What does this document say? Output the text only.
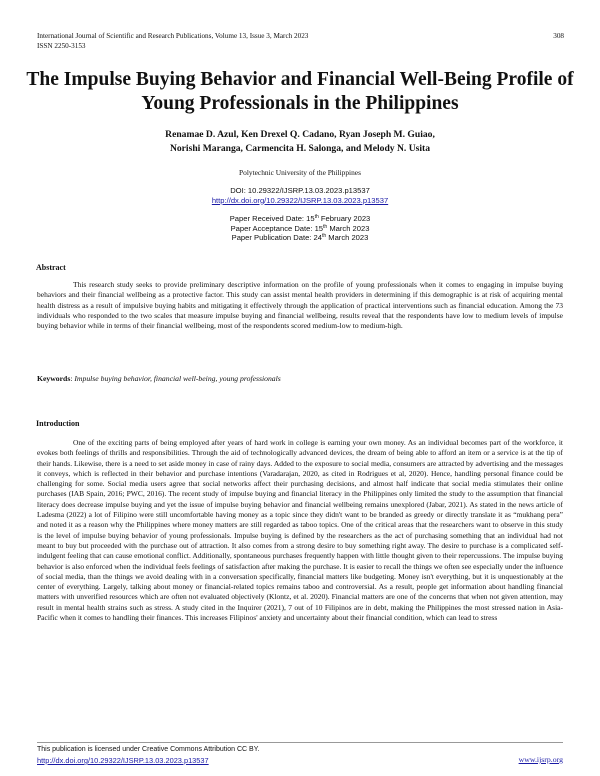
International Journal of Scientific and Research Publications, Volume 13, Issue 3, March 2023
ISSN 2250-3153
308
The Impulse Buying Behavior and Financial Well-Being Profile of Young Professionals in the Philippines
Renamae D. Azul, Ken Drexel Q. Cadano, Ryan Joseph M. Guiao,
Norishi Maranga, Carmencita H. Salonga, and Melody N. Usita
Polytechnic University of the Philippines
DOI: 10.29322/IJSRP.13.03.2023.p13537
http://dx.doi.org/10.29322/IJSRP.13.03.2023.p13537
Paper Received Date: 15th February 2023
Paper Acceptance Date: 15th March 2023
Paper Publication Date: 24th March 2023
Abstract

This research study seeks to provide preliminary descriptive information on the profile of young professionals when it comes to engaging in impulse buying behaviors and their financial wellbeing as a protective factor. This study can assist mental health providers in determining if this demographic is at risk of acquiring mental health distress as a result of impulsive buying habits and mitigating it effectively through the application of practical interventions such as financial education. Among the 73 individuals who responded to the two scales that measure impulse buying and financial wellbeing, results reveal that the respondents have low to medium levels of impulse buying behavior while in terms of their financial wellbeing, most of the respondents scored medium-low to medium-high.

Keywords: Impulse buying behavior, financial well-being, young professionals
Introduction

One of the exciting parts of being employed after years of hard work in college is earning your own money. As an individual becomes part of the workforce, it evokes both feelings of thrills and responsibilities. Through the aid of technologically advanced devices, the dream of being able to afford an item or a service is at the tip of their hands. Likewise, there is a need to set aside money in case of rainy days. Added to the exposure to social media, consumers are attracted by advertising and the messages it conveys, which is reflected in their behavior and purchase intentions (Varadarajan, 2020, as cited in Rodrigues et al, 2020). Hence, handling personal finance could be challenging for some. Social media users agree that social networks affect their purchasing decisions, and almost half indicate that social media stimulates their online purchases (IAB Spain, 2016; PWC, 2016). The recent study of impulse buying and financial literacy in the Philippines only limited the study to the assumption that financial literacy does decrease impulse buying and yet the issue of impulse buying behavior and financial wellbeing remains unexplored (Jabar, 2021). As stated in the news article of Ladesma (2022) a lot of Filipino were still uncomfortable having money as a topic since they didn't want to be branded as greedy or directly translate it as “mukhang pera” and noted it as a reason why the Philippines where money matters are still regarded as taboo topics. One of the critical areas that the researchers want to observe in this study is the level of impulse buying behavior of young professionals. Impulse buying is defined by the researchers as the act of purchasing something that an individual had not meant to buy but proceeded with the purchase out of attraction. It also comes from a strong desire to buy something right away. The desire to purchase is a complicated self-indulgent feeling that can cause emotional conflict. Additionally, spontaneous purchases frequently happen with little thought given to their repercussions. The impulse buying behavior is also enforced when the individual feels feelings of satisfaction after making the purchase. It is easier to recall the things we often see especially under the influence of social media, than the things we avoid dealing with in a conversation specifically, financial matters like budgeting. Money isn't everything, but it is unquestionably at the center of everything. Largely, talking about money or financial-related topics remains taboo and controversial. As a result, people get information about handling financial matters with unverified resources which are often not evaluated objectively (Klontz, et al. 2020). Financial matters are one of the concerns that when not given attention, may result in mental health strains such as stress. A study cited in the Inquirer (2021), 7 out of 10 Filipinos are in debt, making the Philippines the most stressed nation in Asia-Pacific when it comes to handling their finances. This increases Filipinos' anxiety and uncertainty about their financial condition, which can lead to stress

This publication is licensed under Creative Commons Attribution CC BY.
http://dx.doi.org/10.29322/IJSRP.13.03.2023.p13537	www.ijsrp.org
